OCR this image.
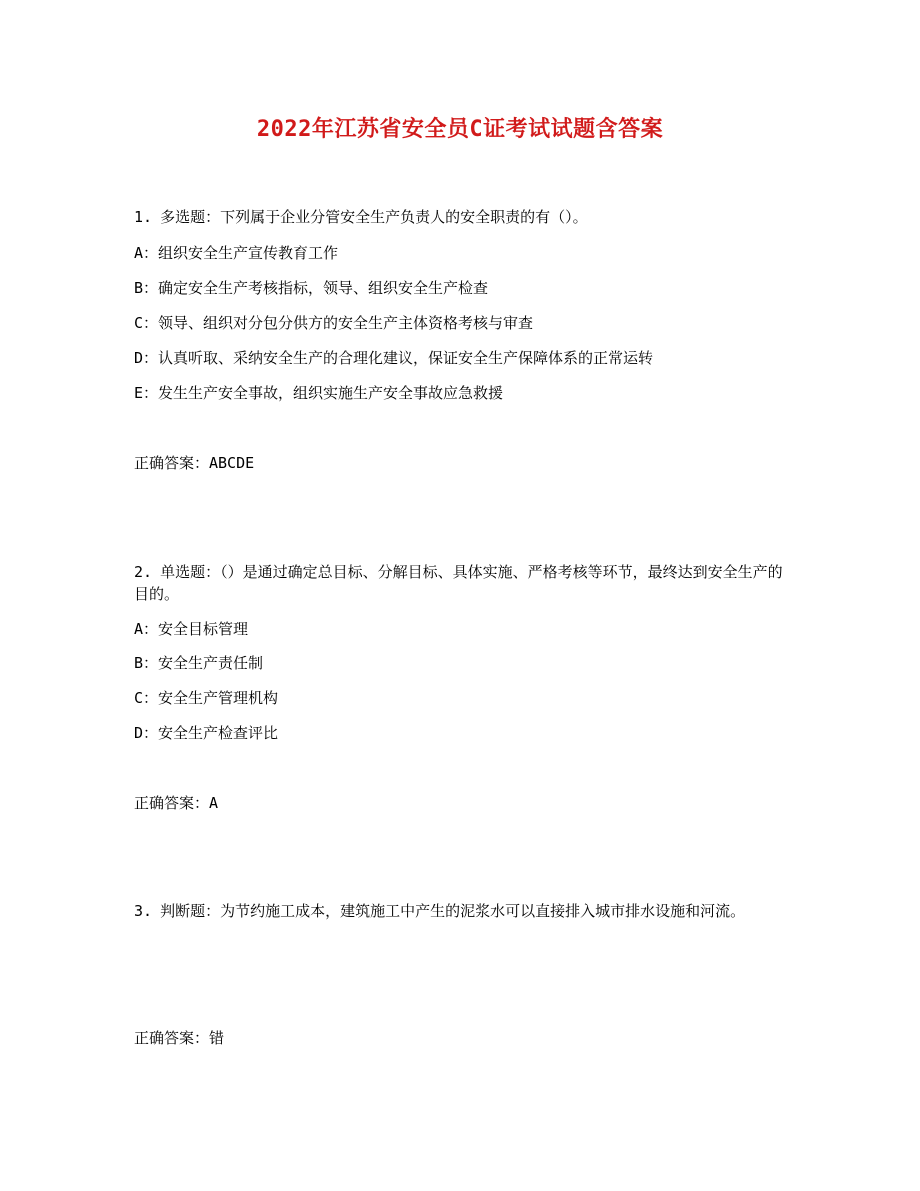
2022年江苏省安全员C证考试试题含答案
1. 多选题：下列属于企业分管安全生产负责人的安全职责的有（）。
A：组织安全生产宣传教育工作
B：确定安全生产考核指标，领导、组织安全生产检查
C：领导、组织对分包分供方的安全生产主体资格考核与审查
D：认真听取、采纳安全生产的合理化建议，保证安全生产保障体系的正常运转
E：发生生产安全事故，组织实施生产安全事故应急救援
正确答案：ABCDE
2. 单选题：（）是通过确定总目标、分解目标、具体实施、严格考核等环节，最终达到安全生产的目的。
A：安全目标管理
B：安全生产责任制
C：安全生产管理机构
D：安全生产检查评比
正确答案：A
3. 判断题：为节约施工成本，建筑施工中产生的泥浆水可以直接排入城市排水设施和河流。
正确答案：错
